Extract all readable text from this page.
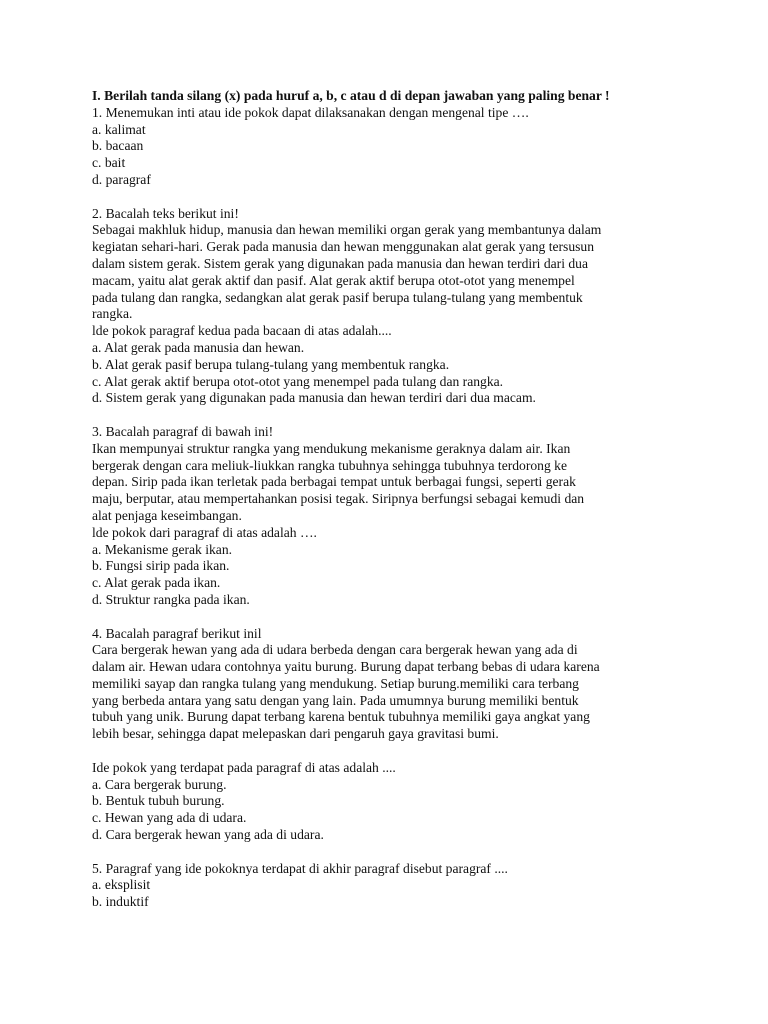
I. Berilah tanda silang (x) pada huruf a, b, c atau d di depan jawaban yang paling benar !
1. Menemukan inti atau ide pokok dapat dilaksanakan dengan mengenal tipe ….
a. kalimat
b. bacaan
c. bait
d. paragraf
2. Bacalah teks berikut ini!
Sebagai makhluk hidup, manusia dan hewan memiliki organ gerak yang membantunya dalam
kegiatan sehari-hari. Gerak pada manusia dan hewan menggunakan alat gerak yang tersusun
dalam sistem gerak. Sistem gerak yang digunakan pada manusia dan hewan terdiri dari dua
macam, yaitu alat gerak aktif dan pasif. Alat gerak aktif berupa otot-otot yang menempel
pada tulang dan rangka, sedangkan alat gerak pasif berupa tulang-tulang yang membentuk
rangka.
lde pokok paragraf kedua pada bacaan di atas adalah....
a. Alat gerak pada manusia dan hewan.
b. Alat gerak pasif berupa tulang-tulang yang membentuk rangka.
c. Alat gerak aktif berupa otot-otot yang menempel pada tulang dan rangka.
d. Sistem gerak yang digunakan pada manusia dan hewan terdiri dari dua macam.
3. Bacalah paragraf di bawah ini!
Ikan mempunyai struktur rangka yang mendukung mekanisme geraknya dalam air. Ikan
bergerak dengan cara meliuk-liukkan rangka tubuhnya sehingga tubuhnya terdorong ke
depan. Sirip pada ikan terletak pada berbagai tempat untuk berbagai fungsi, seperti gerak
maju, berputar, atau mempertahankan posisi tegak. Siripnya berfungsi sebagai kemudi dan
alat penjaga keseimbangan.
lde pokok dari paragraf di atas adalah ….
a. Mekanisme gerak ikan.
b. Fungsi sirip pada ikan.
c. Alat gerak pada ikan.
d. Struktur rangka pada ikan.
4. Bacalah paragraf berikut inil
Cara bergerak hewan yang ada di udara berbeda dengan cara bergerak hewan yang ada di
dalam air. Hewan udara contohnya yaitu burung. Burung dapat terbang bebas di udara karena
memiliki sayap dan rangka tulang yang mendukung. Setiap burung.memiliki cara terbang
yang berbeda antara yang satu dengan yang lain. Pada umumnya burung memiliki bentuk
tubuh yang unik. Burung dapat terbang karena bentuk tubuhnya memiliki gaya angkat yang
lebih besar, sehingga dapat melepaskan dari pengaruh gaya gravitasi bumi.
Ide pokok yang terdapat pada paragraf di atas adalah ....
a. Cara bergerak burung.
b. Bentuk tubuh burung.
c. Hewan yang ada di udara.
d. Cara bergerak hewan yang ada di udara.
5. Paragraf yang ide pokoknya terdapat di akhir paragraf disebut paragraf ....
a. eksplisit
b. induktif
